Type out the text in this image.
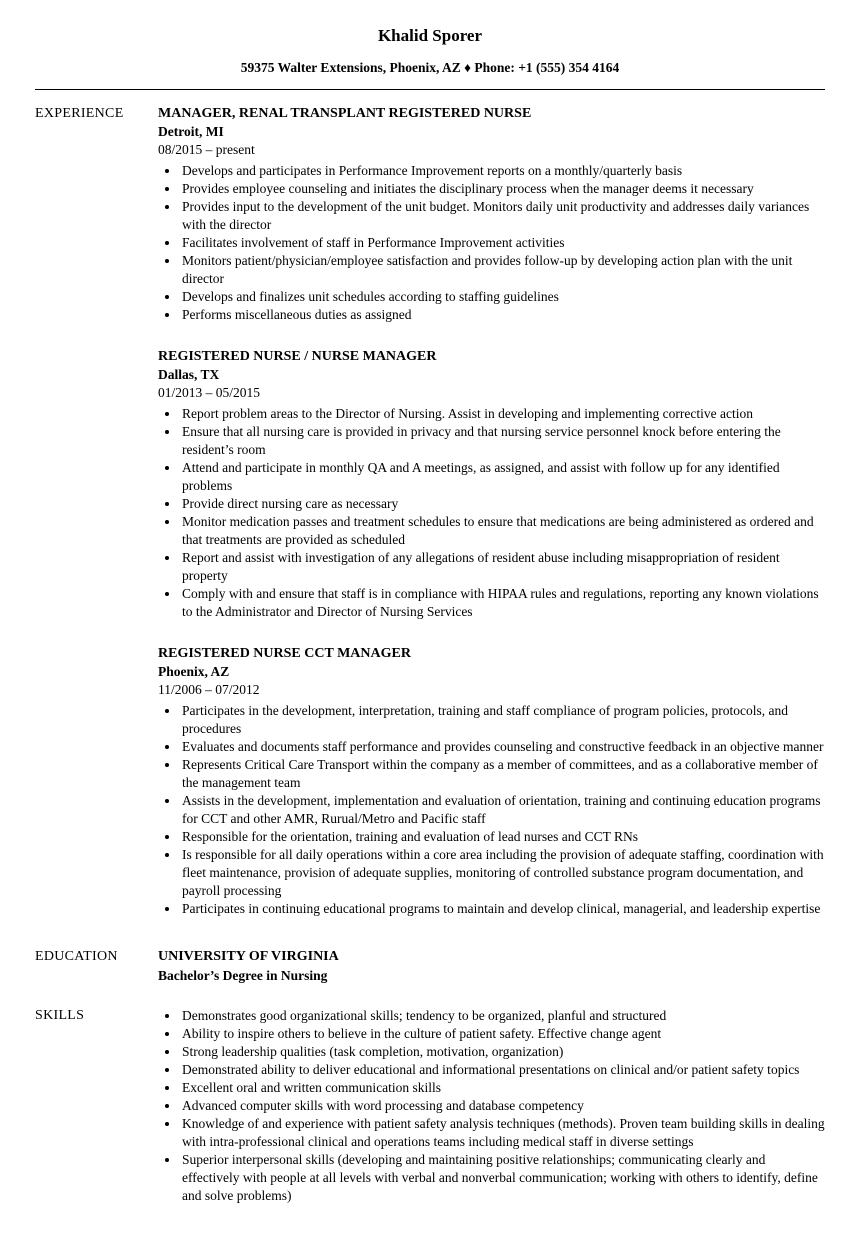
Khalid Sporer
59375 Walter Extensions, Phoenix, AZ ♦ Phone: +1 (555) 354 4164
EXPERIENCE	MANAGER, RENAL TRANSPLANT REGISTERED NURSE
Detroit, MI
08/2015 – present
• Develops and participates in Performance Improvement reports on a monthly/quarterly basis
• Provides employee counseling and initiates the disciplinary process when the manager deems it necessary
• Provides input to the development of the unit budget. Monitors daily unit productivity and addresses daily variances with the director
• Facilitates involvement of staff in Performance Improvement activities
• Monitors patient/physician/employee satisfaction and provides follow-up by developing action plan with the unit director
• Develops and finalizes unit schedules according to staffing guidelines
• Performs miscellaneous duties as assigned
REGISTERED NURSE / NURSE MANAGER
Dallas, TX
01/2013 – 05/2015
• Report problem areas to the Director of Nursing. Assist in developing and implementing corrective action
• Ensure that all nursing care is provided in privacy and that nursing service personnel knock before entering the resident’s room
• Attend and participate in monthly QA and A meetings, as assigned, and assist with follow up for any identified problems
• Provide direct nursing care as necessary
• Monitor medication passes and treatment schedules to ensure that medications are being administered as ordered and that treatments are provided as scheduled
• Report and assist with investigation of any allegations of resident abuse including misappropriation of resident property
• Comply with and ensure that staff is in compliance with HIPAA rules and regulations, reporting any known violations to the Administrator and Director of Nursing Services
REGISTERED NURSE CCT MANAGER
Phoenix, AZ
11/2006 – 07/2012
• Participates in the development, interpretation, training and staff compliance of program policies, protocols, and procedures
• Evaluates and documents staff performance and provides counseling and constructive feedback in an objective manner
• Represents Critical Care Transport within the company as a member of committees, and as a collaborative member of the management team
• Assists in the development, implementation and evaluation of orientation, training and continuing education programs for CCT and other AMR, Rurual/Metro and Pacific staff
• Responsible for the orientation, training and evaluation of lead nurses and CCT RNs
• Is responsible for all daily operations within a core area including the provision of adequate staffing, coordination with fleet maintenance, provision of adequate supplies, monitoring of controlled substance program documentation, and payroll processing
• Participates in continuing educational programs to maintain and develop clinical, managerial, and leadership expertise
EDUCATION	UNIVERSITY OF VIRGINIA
Bachelor’s Degree in Nursing
SKILLS	• Demonstrates good organizational skills; tendency to be organized, planful and structured
• Ability to inspire others to believe in the culture of patient safety. Effective change agent
• Strong leadership qualities (task completion, motivation, organization)
• Demonstrated ability to deliver educational and informational presentations on clinical and/or patient safety topics
• Excellent oral and written communication skills
• Advanced computer skills with word processing and database competency
• Knowledge of and experience with patient safety analysis techniques (methods). Proven team building skills in dealing with intra-professional clinical and operations teams including medical staff in diverse settings
• Superior interpersonal skills (developing and maintaining positive relationships; communicating clearly and effectively with people at all levels with verbal and nonverbal communication; working with others to identify, define and solve problems)
